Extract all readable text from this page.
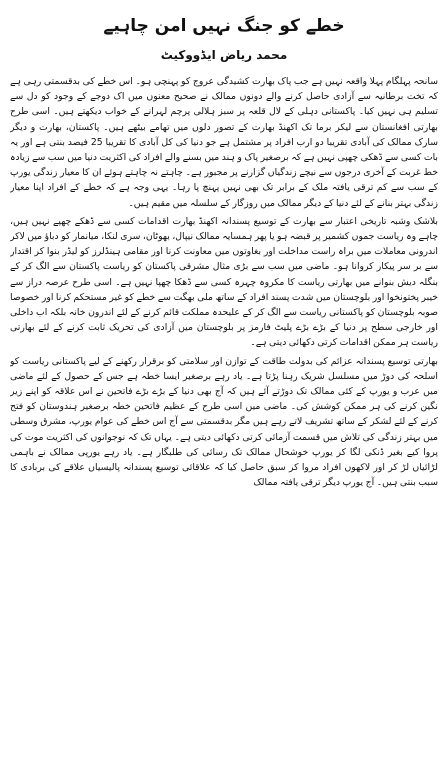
خطے کو جنگ نہیں امن چاہیے
محمد ریاض ایڈووکیٹ

سانحہ پہلگام پہلا واقعہ نہیں ہے جب پاک بھارت کشیدگی عروج کو پہنچی ہو۔ اس خطے کی بدقسمتی رہی ہے کہ تخت برطانیہ سے آزادی حاصل کرنے والے دونوں ممالک نے صحیح معنوں میں اک دوجے کے وجود کو دل سے تسلیم ہی نہیں کیا۔ پاکستانی دہلی کے لال قلعہ پر سبز ہلالی پرچم لہرانے کے خواب دیکھتے ہیں۔ اسی طرح بھارتی افغانستان سے لیکر برما تک اکھنڈ بھارت کے تصور دلوں میں تھامے بیٹھے ہیں۔ پاکستان، بھارت و دیگر سارک ممالک کی آبادی تقریبا دو ارب افراد پر مشتمل ہے جو دنیا کی کل آبادی کا تقریبا 25 فیصد بنتی ہے اور یہ بات کسی سے ڈھکی چھپی نہیں ہے کہ برصغیر پاک و ہند میں بسنے والے افراد کی اکثریت دنیا میں سب سے زیادہ خط غربت کے آخری درجوں سے نیچے زندگیاں گزارنے پر مجبور ہے۔ چاہتے نہ چاہتے ہوئے ان کا معیار زندگی یورپ کے سب سے کم ترقی یافتہ ملک کے برابر تک بھی نہیں پہنچ پا رہا۔ یہی وجہ ہے کہ خطے کے افراد اپنا معیار زندگی بہتر بنانے کے لئے دنیا کے دیگر ممالک میں روزگار کے سلسلہ میں مقیم ہیں۔

بلاشک وشبہ تاریخی اعتبار سے بھارت کے توسیع پسندانہ اکھنڈ بھارت اقدامات کسی سے ڈھکے چھپے نہیں ہیں، چاہے وہ ریاست جموں کشمیر پر قبضہ ہو یا پھر ہمسایہ ممالک نیپال، بھوٹان، سری لنکا، میانمار کو دباؤ میں لاکر اندرونی معاملات میں براہ راست مداخلت اور بغاوتوں میں معاونت کرنا اور مقامی ہینڈلرز کو لیڈر بنوا کر اقتدار سے بر سر پیکار کروانا ہو۔ ماضی میں سب سے بڑی مثال مشرقی پاکستان کو ریاست پاکستان سے الگ کر کے بنگلہ دیش بنوانے میں بھارتی ریاست کا مکروہ چہرہ کسی سے ڈھکا چھپا نہیں ہے۔ اسی طرح عرصہ دراز سے خیبر پختونخوا اور بلوچستان میں شدت پسند افراد کے ساتھ ملی بھگت سے خطے کو غیر مستحکم کرنا اور خصوصا صوبہ بلوچستان کو پاکستانی ریاست سے الگ کر کے علیحدہ مملکت قائم کرنے کے لئے اندرون خانہ بلکہ اب داخلی اور خارجی سطح پر دنیا کے بڑے بڑے پلیٹ فارمز پر بلوچستان میں آزادی کی تحریک ثابت کرنے کے لئے بھارتی ریاست ہر ممکن اقدامات کرتی دکھائی دیتی ہے۔

بھارتی توسیع پسندانہ عزائم کی بدولت طاقت کے توازن اور سلامتی کو برقرار رکھنے کے لیے پاکستانی ریاست کو اسلحہ کی دوڑ میں مسلسل شریک رہنا پڑتا ہے۔ یاد رہے برصغیر ایسا خطہ ہے جس کے حصول کے لئے ماضی میں عرب و یورپ کے کئی ممالک تک دوڑتے آئے ہیں کہ آج بھی دنیا کے بڑے بڑے فاتحین نے اس علاقہ کو اپنے زیر نگین کرنے کی ہر ممکن کوشش کی۔ ماضی میں اسی طرح کے عظیم فاتحین خطہ برصغیر ہندوستان کو فتح کرنے کے لئے لشکر کے ساتھ تشریف لاتے رہے ہیں مگر بدقسمتی سے آج اس خطے کی عوام یورپ، مشرق وسطی میں بہتر زندگی کی تلاش میں قسمت آزمائی کرتی دکھائی دیتی ہے۔ یہاں تک کہ نوجوانوں کی اکثریت موت کی پروا کیے بغیر ڈنکی لگا کر یورپ خوشحال ممالک تک رسائی کی طلبگار ہے۔ یاد رہے یورپی ممالک نے باہمی لڑائیاں لڑ کر اور لاکھوں افراد مروا کر سبق حاصل کیا کہ علاقائی توسیع پسندانہ پالیسیاں علاقے کی بربادی کا سبب بنتی ہیں۔ آج یورپ دیگر ترقی یافتہ ممالک
